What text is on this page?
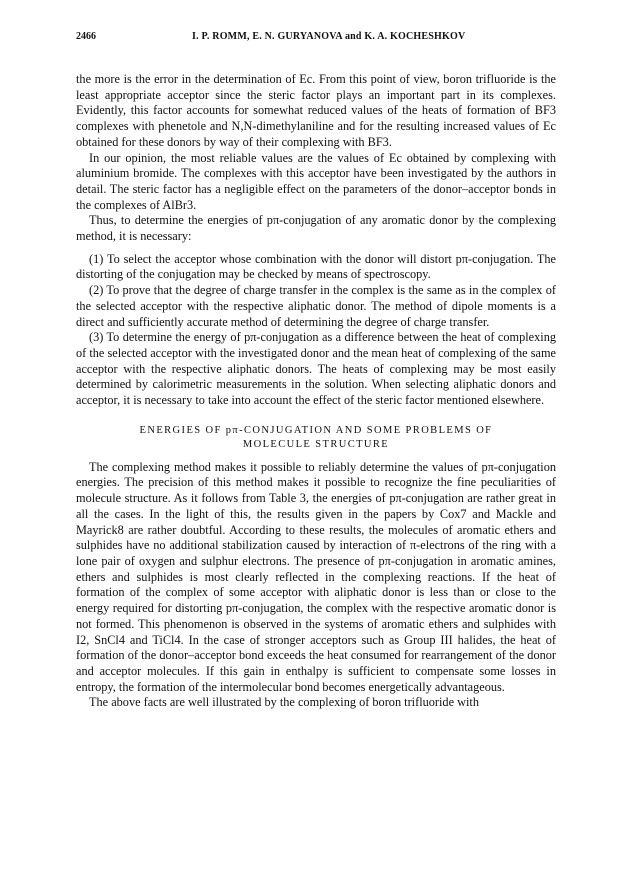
2466	I. P. ROMM, E. N. GURYANOVA and K. A. KOCHESHKOV

the more is the error in the determination of Ec. From this point of view, boron trifluoride is the least appropriate acceptor since the steric factor plays an important part in its complexes. Evidently, this factor accounts for somewhat reduced values of the heats of formation of BF3 complexes with phenetole and N,N-dimethylaniline and for the resulting increased values of Ec obtained for these donors by way of their complexing with BF3.

In our opinion, the most reliable values are the values of Ec obtained by complexing with aluminium bromide. The complexes with this acceptor have been investigated by the authors in detail. The steric factor has a negligible effect on the parameters of the donor–acceptor bonds in the complexes of AlBr3.

Thus, to determine the energies of pπ-conjugation of any aromatic donor by the complexing method, it is necessary:

(1) To select the acceptor whose combination with the donor will distort pπ-conjugation. The distorting of the conjugation may be checked by means of spectroscopy.

(2) To prove that the degree of charge transfer in the complex is the same as in the complex of the selected acceptor with the respective aliphatic donor. The method of dipole moments is a direct and sufficiently accurate method of determining the degree of charge transfer.

(3) To determine the energy of pπ-conjugation as a difference between the heat of complexing of the selected acceptor with the investigated donor and the mean heat of complexing of the same acceptor with the respective aliphatic donors. The heats of complexing may be most easily determined by calorimetric measurements in the solution. When selecting aliphatic donors and acceptor, it is necessary to take into account the effect of the steric factor mentioned elsewhere.

ENERGIES OF pπ-CONJUGATION AND SOME PROBLEMS OF
MOLECULE STRUCTURE

The complexing method makes it possible to reliably determine the values of pπ-conjugation energies. The precision of this method makes it possible to recognize the fine peculiarities of molecule structure. As it follows from Table 3, the energies of pπ-conjugation are rather great in all the cases. In the light of this, the results given in the papers by Cox7 and Mackle and Mayrick8 are rather doubtful. According to these results, the molecules of aromatic ethers and sulphides have no additional stabilization caused by interaction of π-electrons of the ring with a lone pair of oxygen and sulphur electrons. The presence of pπ-conjugation in aromatic amines, ethers and sulphides is most clearly reflected in the complexing reactions. If the heat of formation of the complex of some acceptor with aliphatic donor is less than or close to the energy required for distorting pπ-conjugation, the complex with the respective aromatic donor is not formed. This phenomenon is observed in the systems of aromatic ethers and sulphides with I2, SnCl4 and TiCl4. In the case of stronger acceptors such as Group III halides, the heat of formation of the donor–acceptor bond exceeds the heat consumed for rearrangement of the donor and acceptor molecules. If this gain in enthalpy is sufficient to compensate some losses in entropy, the formation of the intermolecular bond becomes energetically advantageous.

The above facts are well illustrated by the complexing of boron trifluoride with
